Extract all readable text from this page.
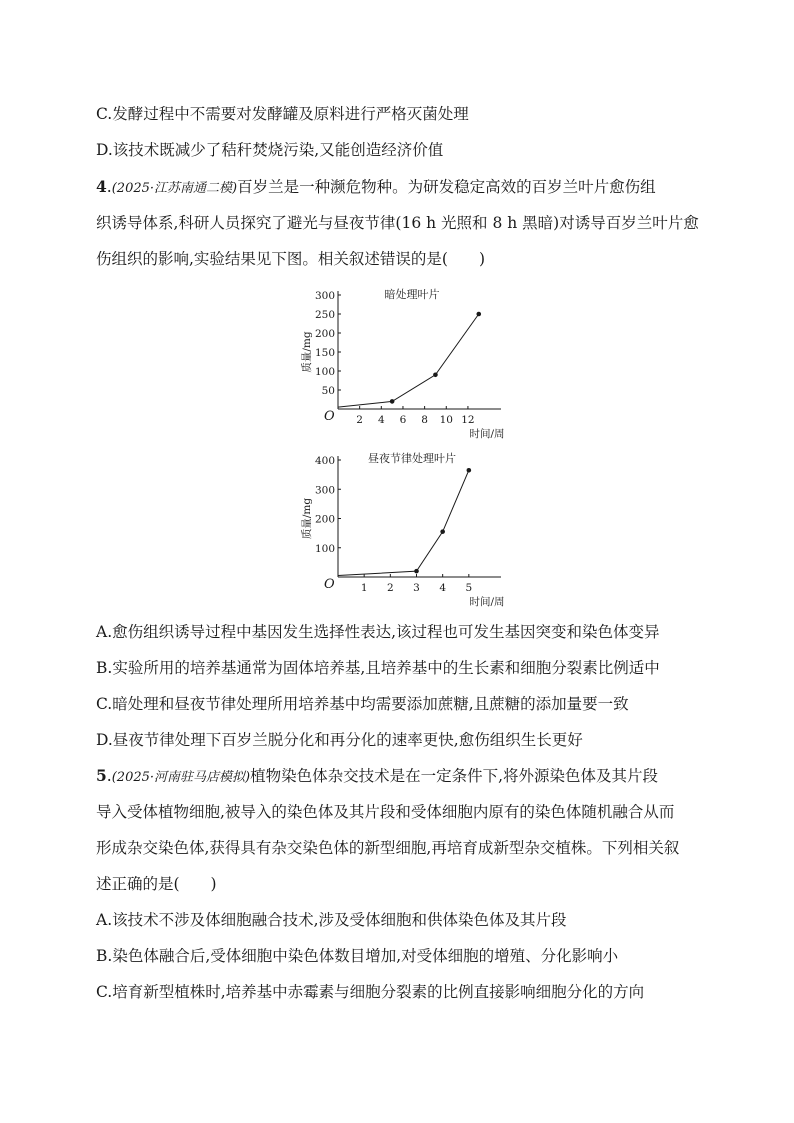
C.发酵过程中不需要对发酵罐及原料进行严格灭菌处理
D.该技术既减少了秸秆焚烧污染,又能创造经济价值
4.(2025·江苏南通二模)百岁兰是一种濒危物种。为研发稳定高效的百岁兰叶片愈伤组
织诱导体系,科研人员探究了避光与昼夜节律(16 h 光照和 8 h 黑暗)对诱导百岁兰叶片愈
伤组织的影响,实验结果见下图。相关叙述错误的是(　　)
O 2 4 6 8 10 12
50
100
150
200
250
300
时间/周
质量/mg
暗处理叶片
O 1 2 3 4 5
100
200
300
400
时间/周
质量/mg
昼夜节律处理叶片
A.愈伤组织诱导过程中基因发生选择性表达,该过程也可发生基因突变和染色体变异
B.实验所用的培养基通常为固体培养基,且培养基中的生长素和细胞分裂素比例适中
C.暗处理和昼夜节律处理所用培养基中均需要添加蔗糖,且蔗糖的添加量要一致
D.昼夜节律处理下百岁兰脱分化和再分化的速率更快,愈伤组织生长更好
5.(2025·河南驻马店模拟)植物染色体杂交技术是在一定条件下,将外源染色体及其片段
导入受体植物细胞,被导入的染色体及其片段和受体细胞内原有的染色体随机融合从而
形成杂交染色体,获得具有杂交染色体的新型细胞,再培育成新型杂交植株。下列相关叙
述正确的是(　　)
A.该技术不涉及体细胞融合技术,涉及受体细胞和供体染色体及其片段
B.染色体融合后,受体细胞中染色体数目增加,对受体细胞的增殖、分化影响小
C.培育新型植株时,培养基中赤霉素与细胞分裂素的比例直接影响细胞分化的方向
